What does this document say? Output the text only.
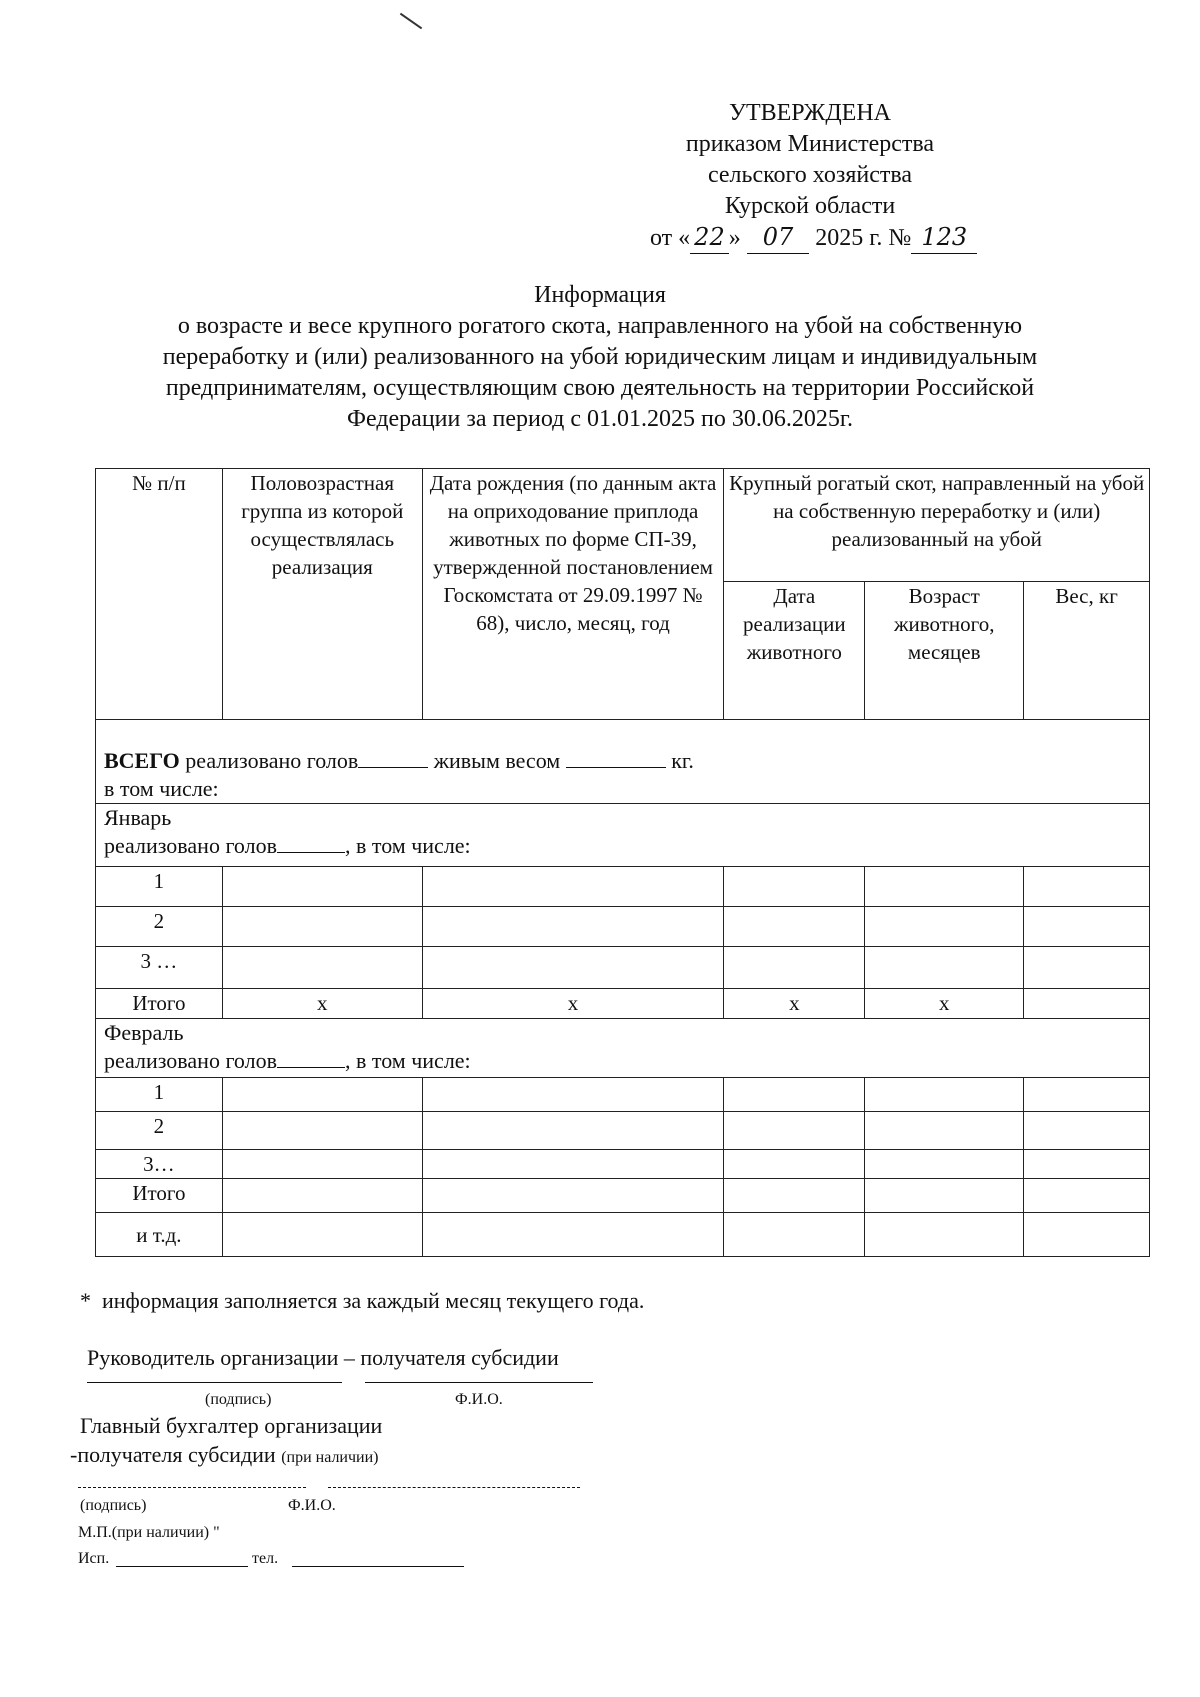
УТВЕРЖДЕНА
приказом Министерства
сельского хозяйства
Курской области
от « 22 » 07 2025 г. № 123
Информация
о возрасте и весе крупного рогатого скота, направленного на убой на собственную
переработку и (или) реализованного на убой юридическим лицам и индивидуальным
предпринимателям, осуществляющим свою деятельность на территории Российской
Федерации за период с 01.01.2025 по 30.06.2025г.
№ п/п	Половозрастная группа из которой осуществлялась реализация	Дата рождения (по данным акта на оприходование приплода животных по форме СП-39, утвержденной постановлением Госкомстата от 29.09.1997 № 68), число, месяц, год	Крупный рогатый скот, направленный на убой на собственную переработку и (или) реализованный на убой		
			Дата реализации животного	Возраст животного, месяцев	Вес, кг

ВСЕГО реализовано голов живым весом кг.
в том числе:					

Январь
реализовано голов , в том числе:					

1					
2					
3 …					
Итого	x	x	x	x	

Февраль
реализовано голов , в том числе:					

1					
2					
3…					
Итого					
и т.д.					
* информация заполняется за каждый месяц текущего года.
Руководитель организации – получателя субсидии
(подпись)	Ф.И.О.
Главный бухгалтер организации
-получателя субсидии (при наличии)
(подпись)	Ф.И.О.
М.П.(при наличии) "
Исп.	тел.
